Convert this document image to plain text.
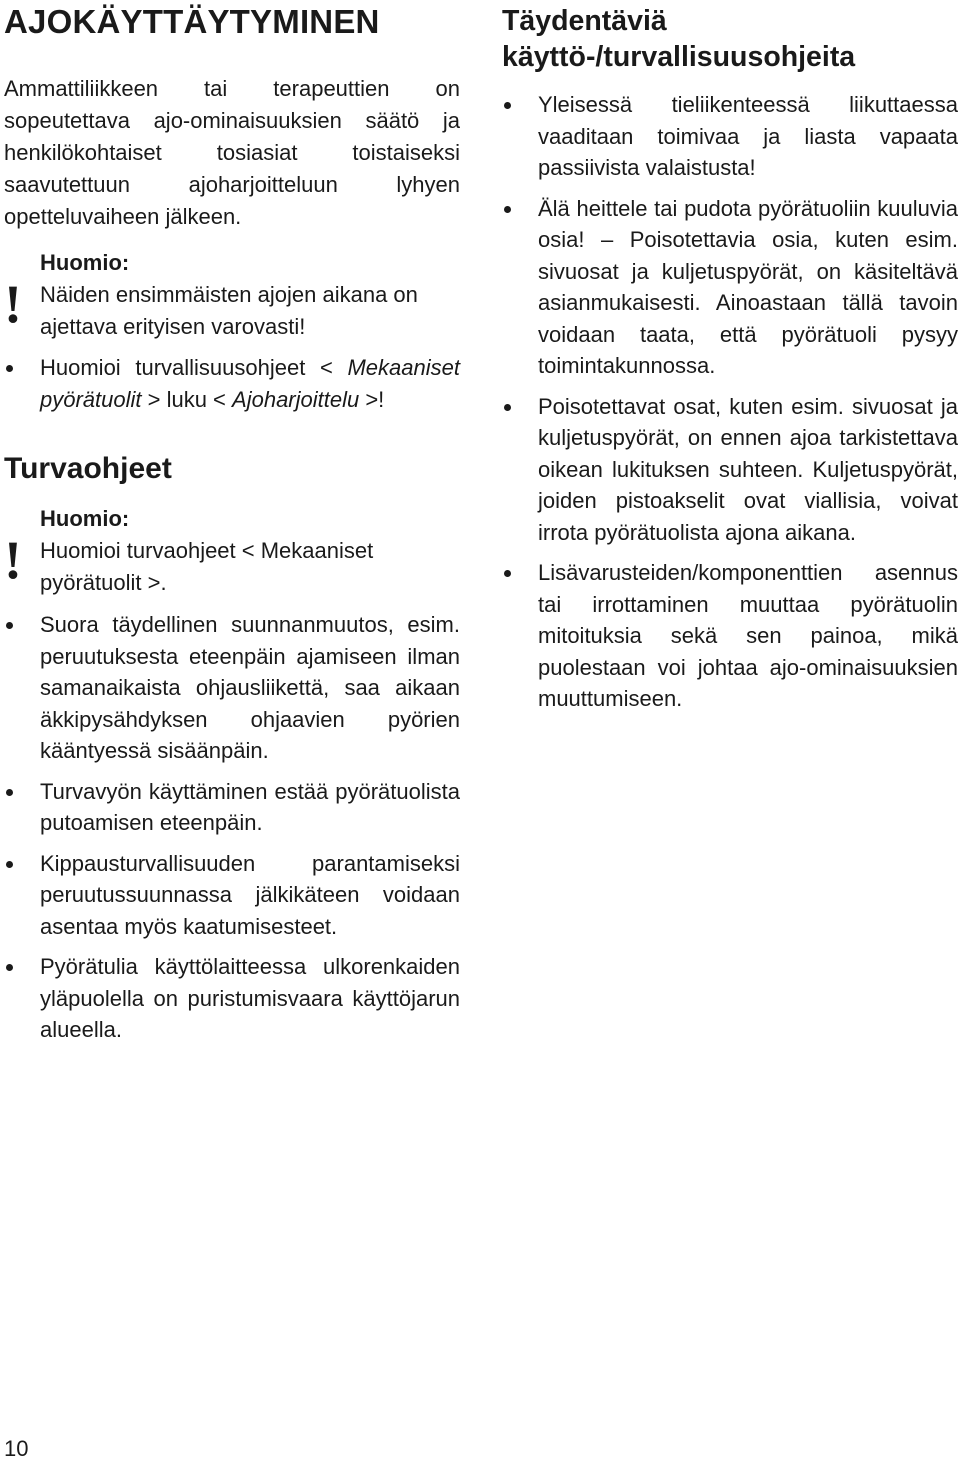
AJOKÄYTTÄYTYMINEN

Ammattiliikkeen tai terapeuttien on sopeutettava ajo-ominaisuuksien säätö ja henkilökohtaiset tosiasiat toistaiseksi saavutettuun ajoharjoitteluun lyhyen opetteluvaiheen jälkeen.

!
Huomio:
Näiden ensimmäisten ajojen aikana on ajettava erityisen varovasti!
Huomioi turvallisuusohjeet < Mekaaniset pyörätuolit > luku < Ajoharjoittelu >!
Turvaohjeet
!
Huomio:
Huomioi turvaohjeet < Mekaaniset pyörätuolit >.
Suora täydellinen suunnanmuutos, esim. peruutuksesta eteenpäin ajamiseen ilman samanaikaista ohjausliikettä, saa aikaan äkkipysähdyksen ohjaavien pyörien kääntyessä sisäänpäin.
Turvavyön käyttäminen estää pyörätuolista putoamisen eteenpäin.
Kippausturvallisuuden parantamiseksi peruutussuunnassa jälkikäteen voidaan asentaa myös kaatumisesteet.
Pyörätulia käyttölaitteessa ulkorenkaiden yläpuolella on puristumisvaara käyttöjarun alueella.
Täydentäviä käyttö-/turvallisuusohjeita
Yleisessä tieliikenteessä liikuttaessa vaaditaan toimivaa ja liasta vapaata passiivista valaistusta!
Älä heittele tai pudota pyörätuoliin kuuluvia osia! – Poisotettavia osia, kuten esim. sivuosat ja kuljetuspyörät, on käsiteltävä asianmukaisesti. Ainoastaan tällä tavoin voidaan taata, että pyörätuoli pysyy toimintakunnossa.
Poisotettavat osat, kuten esim. sivuosat ja kuljetuspyörät, on ennen ajoa tarkistettava oikean lukituksen suhteen. Kuljetuspyörät, joiden pistoakselit ovat viallisia, voivat irrota pyörätuolista ajona aikana.
Lisävarusteiden/komponenttien asennus tai irrottaminen muuttaa pyörätuolin mitoituksia sekä sen painoa, mikä puolestaan voi johtaa ajo-ominaisuuksien muuttumiseen.
10
